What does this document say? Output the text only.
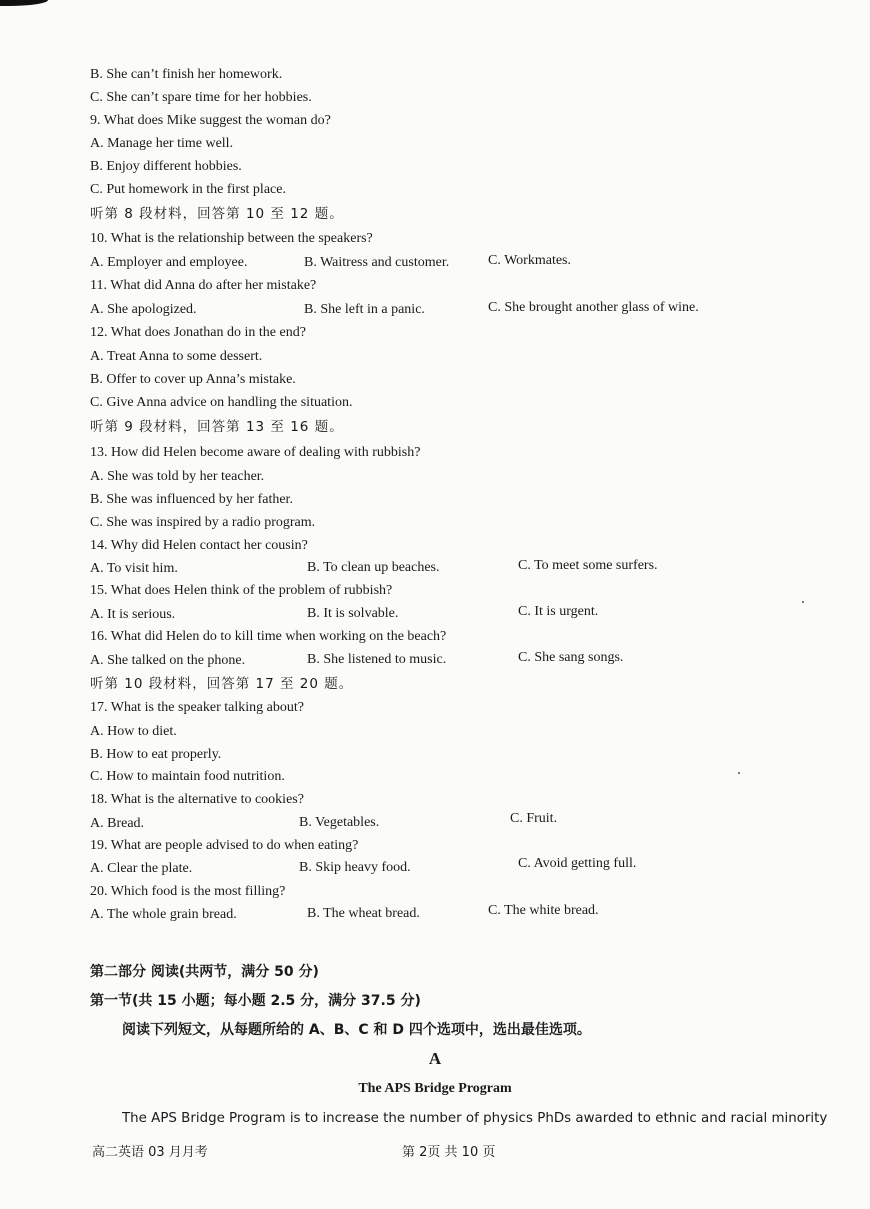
B. She can’t finish her homework.
C. She can’t spare time for her hobbies.
9. What does Mike suggest the woman do?
A. Manage her time well.
B. Enjoy different hobbies.
C. Put homework in the first place.
听第 8 段材料，回答第 10 至 12 题。
10. What is the relationship between the speakers?
A. Employer and employee.	B. Waitress and customer.	C. Workmates.
11. What did Anna do after her mistake?
A. She apologized.	B. She left in a panic.	C. She brought another glass of wine.
12. What does Jonathan do in the end?
A. Treat Anna to some dessert.
B. Offer to cover up Anna’s mistake.
C. Give Anna advice on handling the situation.
听第 9 段材料，回答第 13 至 16 题。
13. How did Helen become aware of dealing with rubbish?
A. She was told by her teacher.
B. She was influenced by her father.
C. She was inspired by a radio program.
14. Why did Helen contact her cousin?
A. To visit him.	B. To clean up beaches.	C. To meet some surfers.
15. What does Helen think of the problem of rubbish?
A. It is serious.	B. It is solvable.	C. It is urgent.
16. What did Helen do to kill time when working on the beach?
A. She talked on the phone.	B. She listened to music.	C. She sang songs.
听第 10 段材料，回答第 17 至 20 题。
17. What is the speaker talking about?
A. How to diet.
B. How to eat properly.
C. How to maintain food nutrition.
18. What is the alternative to cookies?
A. Bread.	B. Vegetables.	C. Fruit.
19. What are people advised to do when eating?
A. Clear the plate.	B. Skip heavy food.	C. Avoid getting full.
20. Which food is the most filling?
A. The whole grain bread.	B. The wheat bread.	C. The white bread.
第二部分 阅读(共两节，满分 50 分)
第一节(共 15 小题；每小题 2.5 分，满分 37.5 分)
阅读下列短文，从每题所给的 A、B、C 和 D 四个选项中，选出最佳选项。
A
The APS Bridge Program
The APS Bridge Program is to increase the number of physics PhDs awarded to ethnic and racial minority
高二英语 03 月月考	第 2页 共 10 页
